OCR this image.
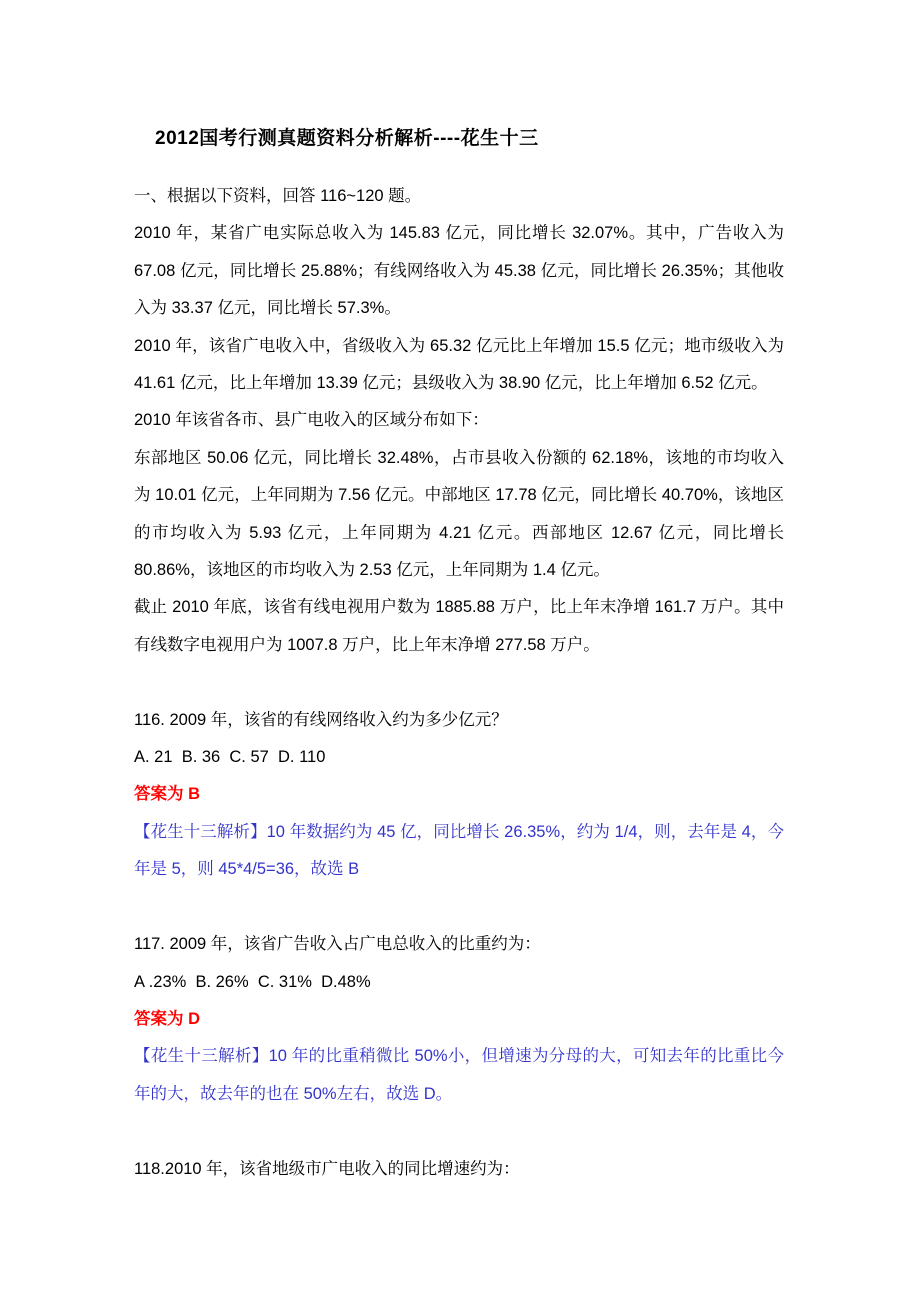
2012国考行测真题资料分析解析----花生十三

一、根据以下资料，回答 116~120 题。

2010 年，某省广电实际总收入为 145.83 亿元，同比增长 32.07%。其中，广告收入为 67.08 亿元，同比增长 25.88%；有线网络收入为 45.38 亿元，同比增长 26.35%；其他收入为 33.37 亿元，同比增长 57.3%。

2010 年，该省广电收入中，省级收入为 65.32 亿元比上年增加 15.5 亿元；地市级收入为 41.61 亿元，比上年增加 13.39 亿元；县级收入为 38.90 亿元，比上年增加 6.52 亿元。

2010 年该省各市、县广电收入的区域分布如下：

东部地区 50.06 亿元，同比增长 32.48%，占市县收入份额的 62.18%，该地的市均收入为 10.01 亿元，上年同期为 7.56 亿元。中部地区 17.78 亿元，同比增长 40.70%，该地区的市均收入为 5.93 亿元，上年同期为 4.21 亿元。西部地区 12.67 亿元，同比增长 80.86%，该地区的市均收入为 2.53 亿元，上年同期为 1.4 亿元。

截止 2010 年底，该省有线电视用户数为 1885.88 万户，比上年末净增 161.7 万户。其中有线数字电视用户为 1007.8 万户，比上年末净增 277.58 万户。

116. 2009 年，该省的有线网络收入约为多少亿元？

A. 21  B. 36  C. 57  D. 110

答案为 B

【花生十三解析】10 年数据约为 45 亿，同比增长 26.35%，约为 1/4，则，去年是 4，今年是 5，则 45*4/5=36，故选 B

117. 2009 年，该省广告收入占广电总收入的比重约为：

A .23%  B. 26%  C. 31%  D.48%

答案为 D

【花生十三解析】10 年的比重稍微比 50%小，但增速为分母的大，可知去年的比重比今年的大，故去年的也在 50%左右，故选 D。

118.2010 年，该省地级市广电收入的同比增速约为：
